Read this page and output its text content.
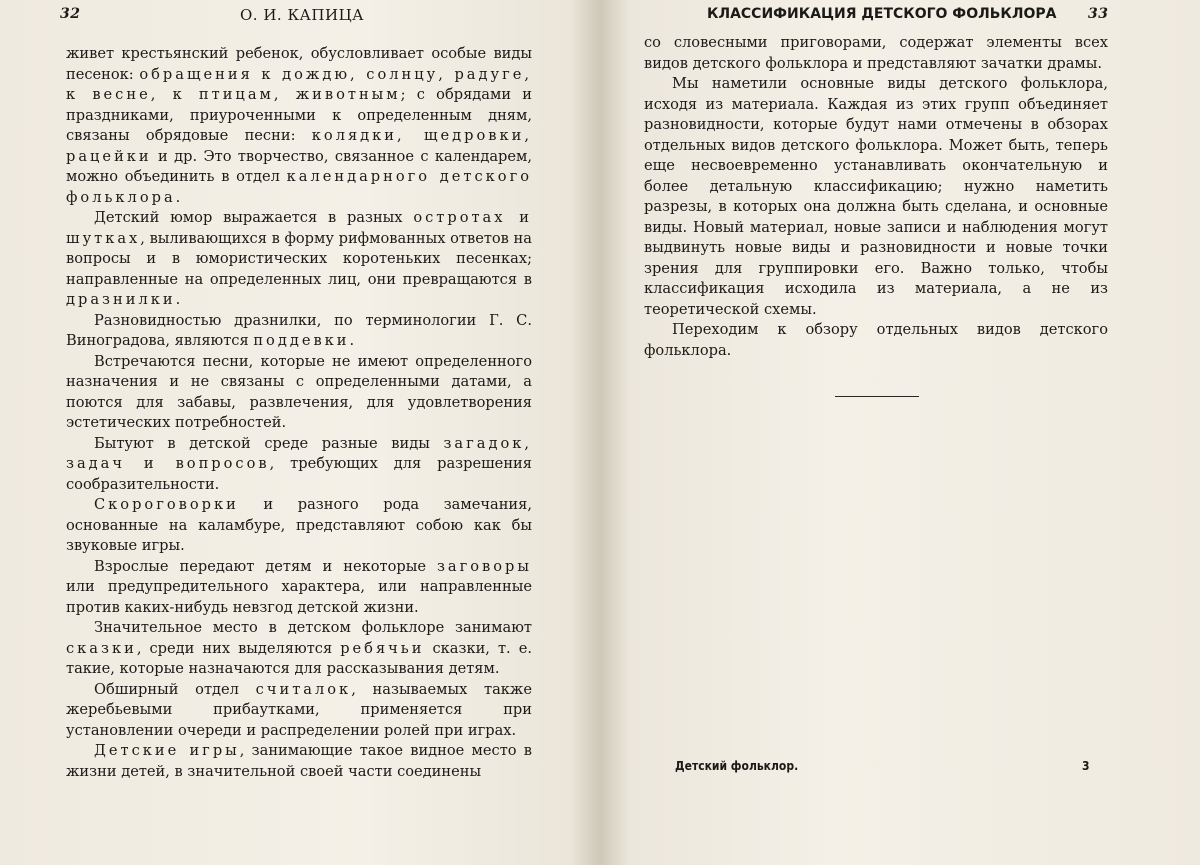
32	О. И. КАПИЦА

живет крестьянский ребенок, обусловливает особые виды песенок: обращения к дождю, солнцу, радуге, к весне, к птицам, животным; с обрядами и праздниками, приуроченными к определенным дням, связаны обрядовые песни: колядки, щедровки, рацейки и др. Это творчество, связанное с календарем, можно объединить в отдел календарного детского фольклора.

Детский юмор выражается в разных остротах и шутках, выливающихся в форму рифмованных ответов на вопросы и в юмористических коротеньких песенках; направленные на определенных лиц, они превращаются в дразнилки.

Разновидностью дразнилки, по терминологии Г. С. Виноградова, являются поддевки.

Встречаются песни, которые не имеют определенного назначения и не связаны с определенными датами, а поются для забавы, развлечения, для удовлетворения эстетических потребностей.

Бытуют в детской среде разные виды загадок, задач и вопросов, требующих для разрешения сообразительности.

Скороговорки и разного рода замечания, основанные на каламбуре, представляют собою как бы звуковые игры.

Взрослые передают детям и некоторые заговоры или предупредительного характера, или направленные против каких-нибудь невзгод детской жизни.

Значительное место в детском фольклоре занимают сказки, среди них выделяются ребячьи сказки, т. е. такие, которые назначаются для рассказывания детям.

Обширный отдел считалок, называемых также жеребьевыми прибаутками, применяется при установлении очереди и распределении ролей при играх.

Детские игры, занимающие такое видное место в жизни детей, в значительной своей части соединены

КЛАССИФИКАЦИЯ ДЕТСКОГО ФОЛЬКЛОРА 33

со словесными приговорами, содержат элементы всех видов детского фольклора и представляют зачатки драмы.

Мы наметили основные виды детского фольклора, исходя из материала. Каждая из этих групп объединяет разновидности, которые будут нами отмечены в обзорах отдельных видов детского фольклора. Может быть, теперь еще несвоевременно устанавливать окончательную и более детальную классификацию; нужно наметить разрезы, в которых она должна быть сделана, и основные виды. Новый материал, новые записи и наблюдения могут выдвинуть новые виды и разновидности и новые точки зрения для группировки его. Важно только, чтобы классификация исходила из материала, а не из теоретической схемы.

Переходим к обзору отдельных видов детского фольклора.

Детский фольклор.	3
